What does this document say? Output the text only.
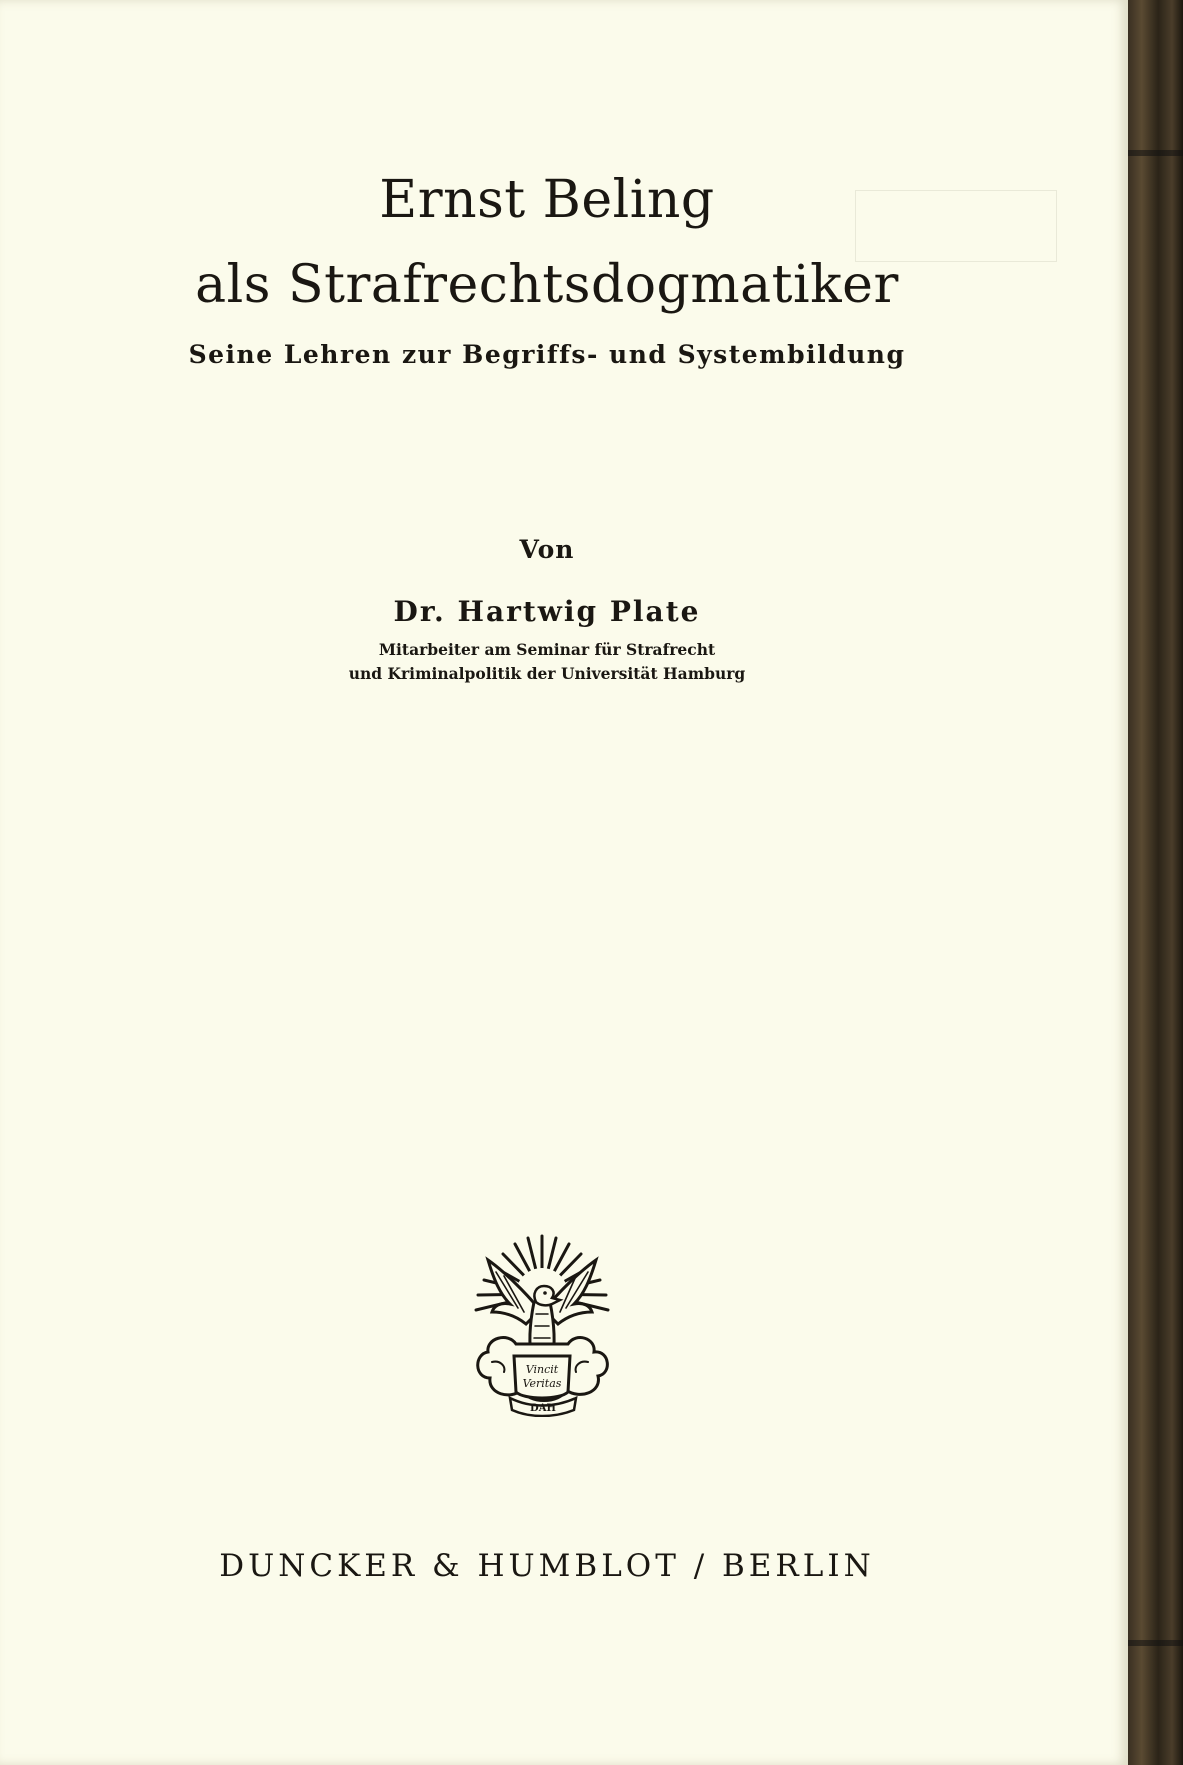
Ernst Beling
als Strafrechtsdogmatiker
Seine Lehren zur Begriffs- und Systembildung
Von
Dr. Hartwig Plate
Mitarbeiter am Seminar für Strafrecht
und Kriminalpolitik der Universität Hamburg
Vincit
Veritas
DAH
DUNCKER & HUMBLOT / BERLIN
